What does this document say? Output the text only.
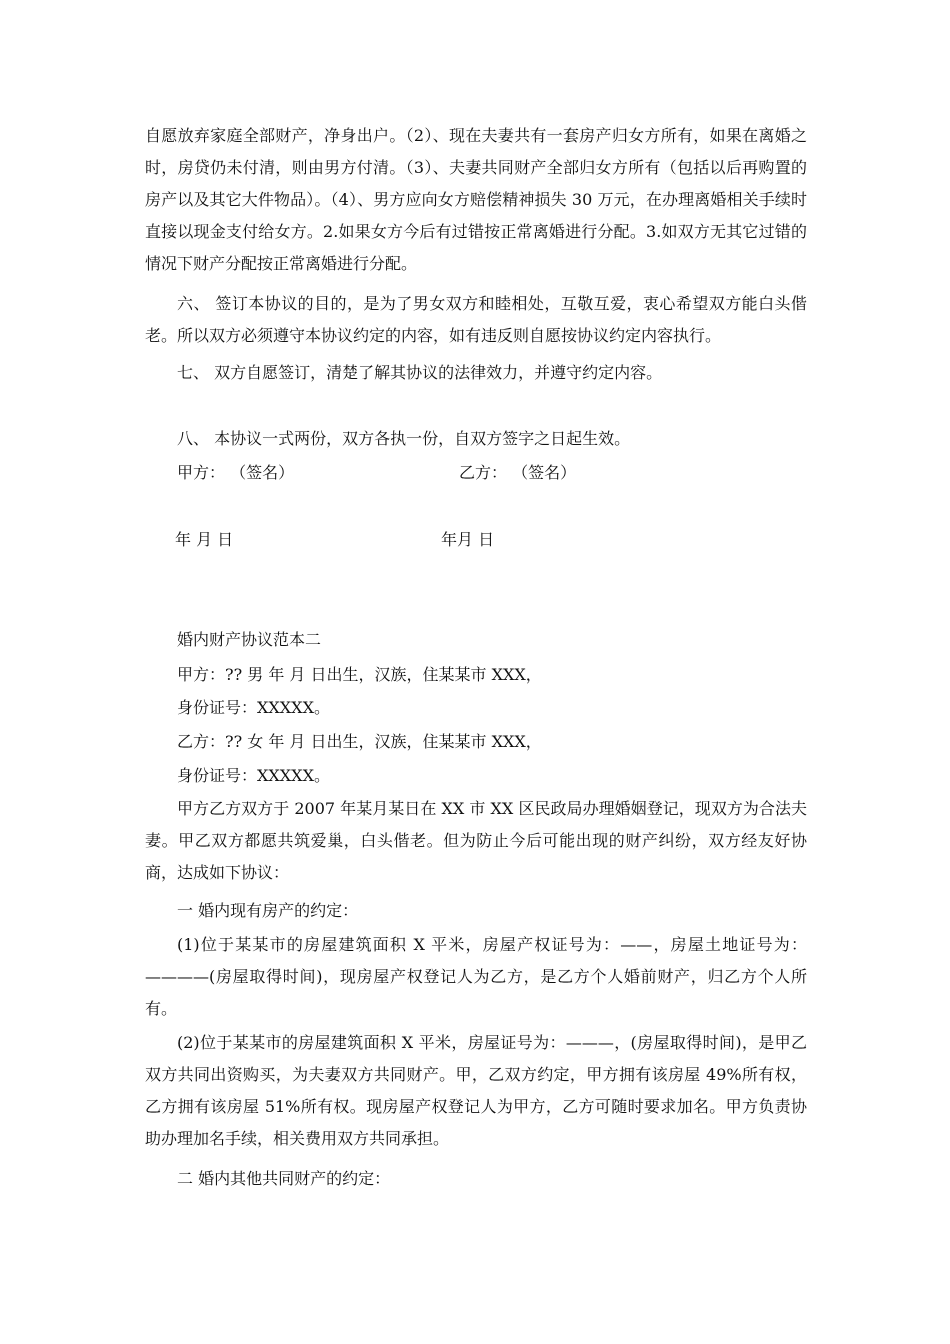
自愿放弃家庭全部财产，净身出户。（2）、现在夫妻共有一套房产归女方所有，如果在离婚之时，房贷仍未付清，则由男方付清。（3）、夫妻共同财产全部归女方所有（包括以后再购置的房产以及其它大件物品）。（4）、男方应向女方赔偿精神损失 30 万元，在办理离婚相关手续时直接以现金支付给女方。2.如果女方今后有过错按正常离婚进行分配。3.如双方无其它过错的情况下财产分配按正常离婚进行分配。

六、 签订本协议的目的，是为了男女双方和睦相处，互敬互爱，衷心希望双方能白头偕老。所以双方必须遵守本协议约定的内容，如有违反则自愿按协议约定内容执行。

七、 双方自愿签订，清楚了解其协议的法律效力，并遵守约定内容。

八、 本协议一式两份，双方各执一份，自双方签字之日起生效。

甲方： （签名）	乙方： （签名）

年 月 日	年月 日

婚内财产协议范本二

甲方：?? 男 年 月 日出生，汉族，住某某市 XXX，

身份证号：XXXXX。

乙方：?? 女 年 月 日出生，汉族，住某某市 XXX，

身份证号：XXXXX。

甲方乙方双方于 2007 年某月某日在 XX 市 XX 区民政局办理婚姻登记，现双方为合法夫妻。甲乙双方都愿共筑爱巢，白头偕老。但为防止今后可能出现的财产纠纷，双方经友好协商，达成如下协议：

一 婚内现有房产的约定：

(1)位于某某市的房屋建筑面积 X 平米，房屋产权证号为：——，房屋土地证号为：————(房屋取得时间)，现房屋产权登记人为乙方，是乙方个人婚前财产，归乙方个人所有。

(2)位于某某市的房屋建筑面积 X 平米，房屋证号为：———，(房屋取得时间)，是甲乙双方共同出资购买，为夫妻双方共同财产。甲，乙双方约定，甲方拥有该房屋 49%所有权，乙方拥有该房屋 51%所有权。现房屋产权登记人为甲方，乙方可随时要求加名。甲方负责协助办理加名手续，相关费用双方共同承担。

二 婚内其他共同财产的约定：
